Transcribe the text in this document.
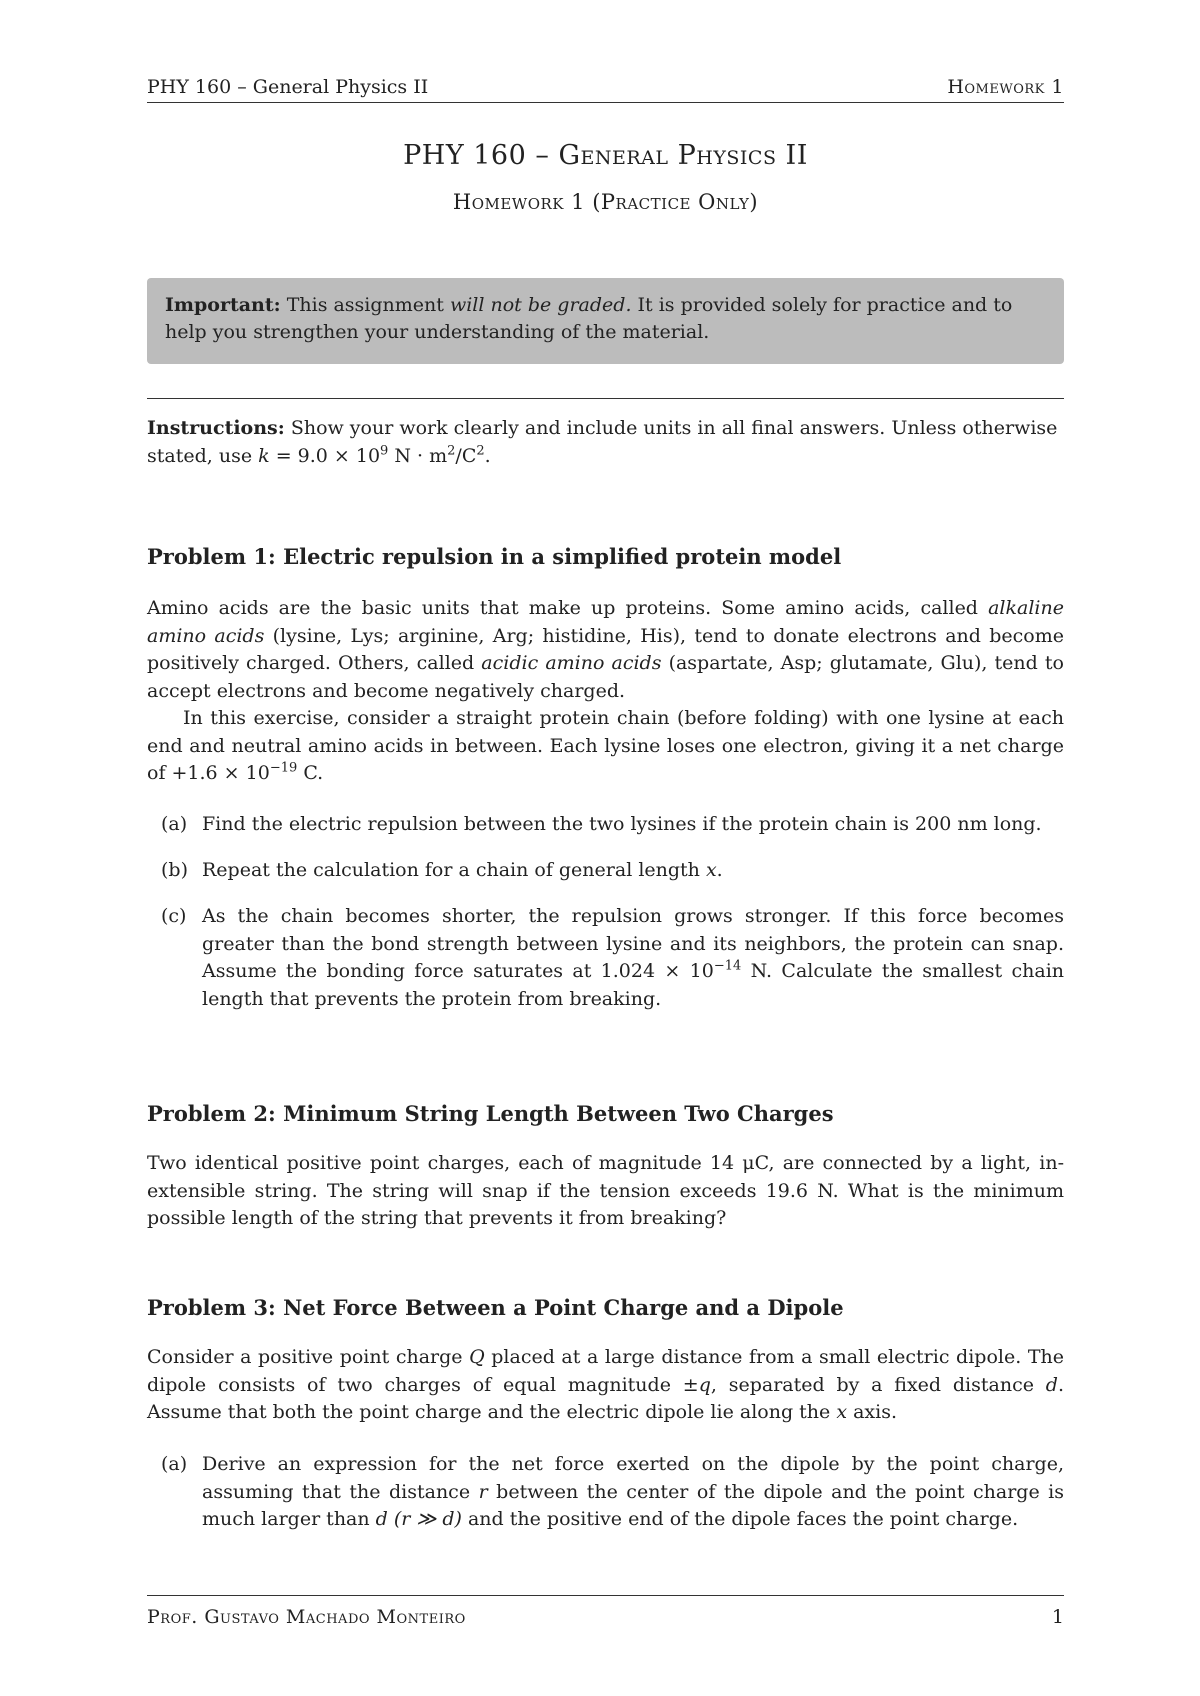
PHY 160 – General Physics II	Homework 1
PHY 160 – General Physics II
Homework 1 (Practice Only)
Important: This assignment will not be graded. It is provided solely for practice and to help you strengthen your understanding of the material.
Instructions: Show your work clearly and include units in all final answers. Unless otherwise stated, use $k = 9.0 \times 10^9$ $N \cdot m^2/C^2$.
Problem 1: Electric repulsion in a simplified protein model
Amino acids are the basic units that make up proteins. Some amino acids, called alkaline amino acids (lysine, Lys; arginine, Arg; histidine, His), tend to donate electrons and become positively charged. Others, called acidic amino acids (aspartate, Asp; glutamate, Glu), tend to accept electrons and become negatively charged.
In this exercise, consider a straight protein chain (before folding) with one lysine at each end and neutral amino acids in between. Each lysine loses one electron, giving it a net charge of $+1.6 \times 10^{-19}$ C.
(a) Find the electric repulsion between the two lysines if the protein chain is 200 nm long.
(b) Repeat the calculation for a chain of general length x.
(c) As the chain becomes shorter, the repulsion grows stronger. If this force becomes greater than the bond strength between lysine and its neighbors, the protein can snap. Assume the bonding force saturates at $1.024 \times 10^{-14}$ N. Calculate the smallest chain length that prevents the protein from breaking.
Problem 2: Minimum String Length Between Two Charges
Two identical positive point charges, each of magnitude 14 μC, are connected by a light, in-extensible string. The string will snap if the tension exceeds 19.6 N. What is the minimum possible length of the string that prevents it from breaking?
Problem 3: Net Force Between a Point Charge and a Dipole
Consider a positive point charge Q placed at a large distance from a small electric dipole. The dipole consists of two charges of equal magnitude ±q, separated by a fixed distance d. Assume that both the point charge and the electric dipole lie along the x axis.
(a) Derive an expression for the net force exerted on the dipole by the point charge, assuming that the distance r between the center of the dipole and the point charge is much larger than d (r ≫ d) and the positive end of the dipole faces the point charge.
Prof. Gustavo Machado Monteiro	1
